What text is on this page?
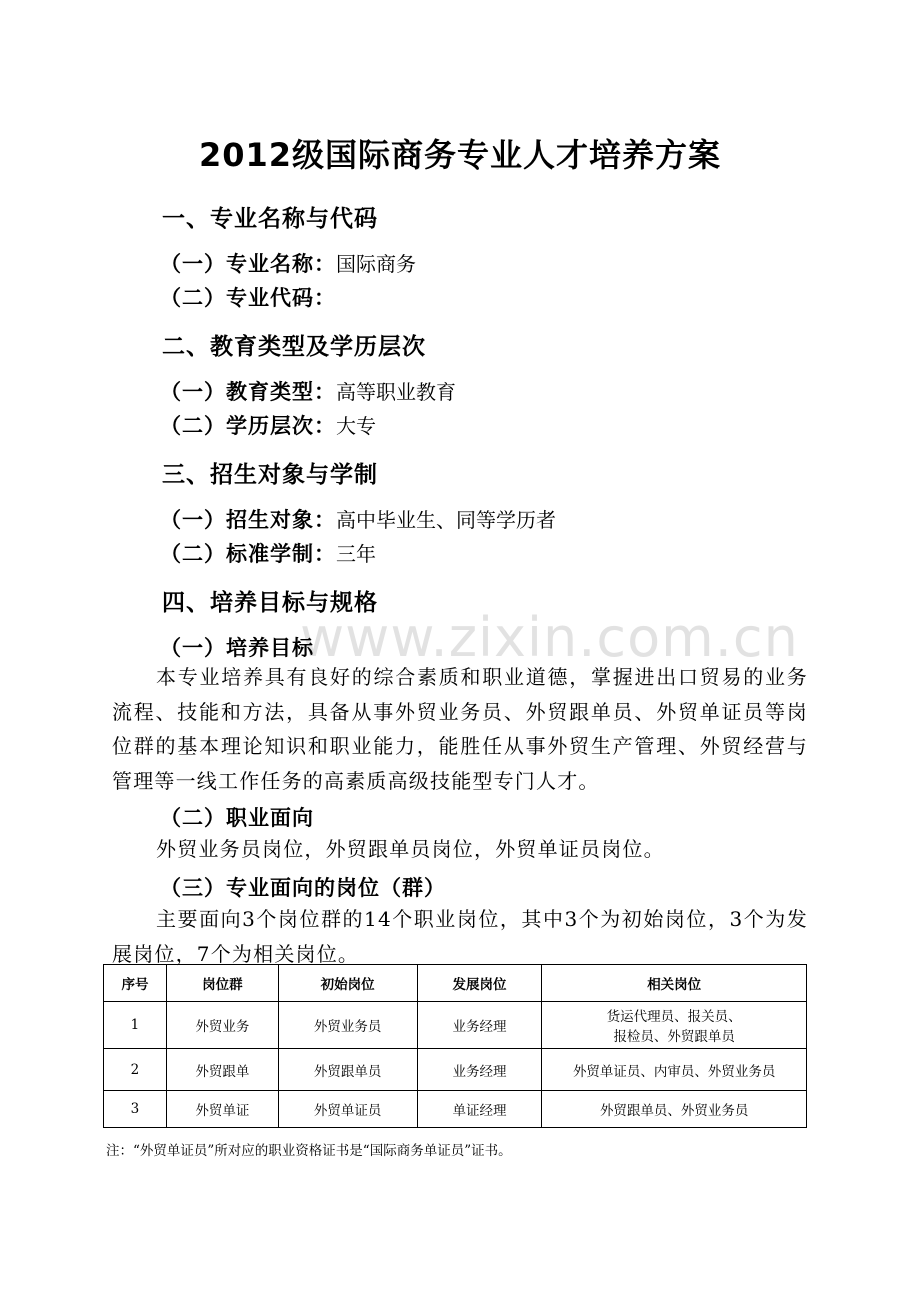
2012级国际商务专业人才培养方案
一、专业名称与代码
（一）专业名称：国际商务
（二）专业代码：
二、教育类型及学历层次
（一）教育类型：高等职业教育
（二）学历层次：大专
三、招生对象与学制
（一）招生对象：高中毕业生、同等学历者
（二）标准学制：三年
四、培养目标与规格
www.zixin.com.cn
（一）培养目标
本专业培养具有良好的综合素质和职业道德，掌握进出口贸易的业务流程、技能和方法，具备从事外贸业务员、外贸跟单员、外贸单证员等岗位群的基本理论知识和职业能力，能胜任从事外贸生产管理、外贸经营与管理等一线工作任务的高素质高级技能型专门人才。
（二）职业面向
外贸业务员岗位，外贸跟单员岗位，外贸单证员岗位。
（三）专业面向的岗位（群）
主要面向3个岗位群的14个职业岗位，其中3个为初始岗位，3个为发展岗位，7个为相关岗位。
序号	岗位群	初始岗位	发展岗位	相关岗位
1	外贸业务	外贸业务员	业务经理	货运代理员、报关员、
报检员、外贸跟单员

2	外贸跟单	外贸跟单员	业务经理	外贸单证员、内审员、外贸业务员
3	外贸单证	外贸单证员	单证经理	外贸跟单员、外贸业务员
注：“外贸单证员”所对应的职业资格证书是“国际商务单证员”证书。
